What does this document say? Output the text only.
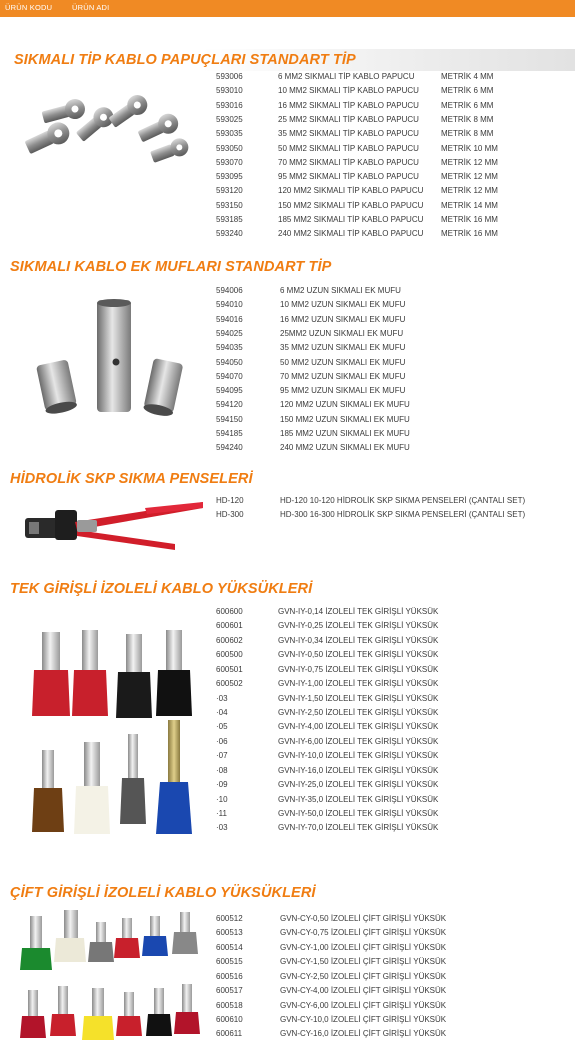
ÜRÜN KODU	ÜRÜN ADI
SIKMALI TİP KABLO PAPUÇLARI STANDART TİP
593006	6 MM2 SIKMALI TİP KABLO PAPUCU	METRİK 4 MM
593010	10 MM2 SIKMALI TİP KABLO PAPUCU	METRİK 6 MM
593016	16 MM2 SIKMALI TİP KABLO PAPUCU	METRİK 6 MM
593025	25 MM2 SIKMALI TİP KABLO PAPUCU	METRİK 8 MM
593035	35 MM2 SIKMALI TİP KABLO PAPUCU	METRİK 8 MM
593050	50 MM2 SIKMALI TİP KABLO PAPUCU	METRİK 10 MM
593070	70 MM2 SIKMALI TİP KABLO PAPUCU	METRİK 12 MM
593095	95 MM2 SIKMALI TİP KABLO PAPUCU	METRİK 12 MM
593120	120 MM2 SIKMALI TİP KABLO PAPUCU METRİK 12 MM
593150	150 MM2 SIKMALI TİP KABLO PAPUCU METRİK 14 MM
593185	185 MM2 SIKMALI TİP KABLO PAPUCU METRİK 16 MM
593240	240 MM2 SIKMALI TİP KABLO PAPUCU METRİK 16 MM
SIKMALI KABLO EK MUFLARI STANDART TİP
594006	6 MM2 UZUN SIKMALI EK MUFU
594010	10 MM2 UZUN SIKMALI EK MUFU
594016	16 MM2 UZUN SIKMALI EK MUFU
594025	25MM2 UZUN SIKMALI EK MUFU
594035	35 MM2 UZUN SIKMALI EK MUFU
594050	50 MM2 UZUN SIKMALI EK MUFU
594070	70 MM2 UZUN SIKMALI EK MUFU
594095	95 MM2 UZUN SIKMALI EK MUFU
594120	120 MM2 UZUN SIKMALI EK MUFU
594150	150 MM2 UZUN SIKMALI EK MUFU
594185	185 MM2 UZUN SIKMALI EK MUFU
594240	240 MM2 UZUN SIKMALI EK MUFU
HİDROLİK SKP SIKMA PENSELERİ
HD-120	HD-120 10-120 HİDROLİK SKP SIKMA PENSELERİ (ÇANTALI SET)
HD-300	HD-300 16-300 HİDROLİK SKP SIKMA PENSELERİ (ÇANTALI SET)
TEK GİRİŞLİ İZOLELİ KABLO YÜKSÜKLERİ
600600	GVN-IY-0,14 İZOLELİ TEK GİRİŞLİ YÜKSÜK
600601	GVN-IY-0,25 İZOLELİ TEK GİRİŞLİ YÜKSÜK
600602	GVN-IY-0,34 İZOLELİ TEK GİRİŞLİ YÜKSÜK
600500	GVN-IY-0,50 İZOLELİ TEK GİRİŞLİ YÜKSÜK
600501	GVN-IY-0,75 İZOLELİ TEK GİRİŞLİ YÜKSÜK
600502	GVN-IY-1,00 İZOLELİ TEK GİRİŞLİ YÜKSÜK
·03	GVN-IY-1,50 İZOLELİ TEK GİRİŞLİ YÜKSÜK
·04	GVN-IY-2,50 İZOLELİ TEK GİRİŞLİ YÜKSÜK
·05	GVN-IY-4,00 İZOLELİ TEK GİRİŞLİ YÜKSÜK
·06	GVN-IY-6,00 İZOLELİ TEK GİRİŞLİ YÜKSÜK
·07	GVN-IY-10,0 İZOLELİ TEK GİRİŞLİ YÜKSÜK
·08	GVN-IY-16,0 İZOLELİ TEK GİRİŞLİ YÜKSÜK
·09	GVN-IY-25,0 İZOLELİ TEK GİRİŞLİ YÜKSÜK
·10	GVN-IY-35,0 İZOLELİ TEK GİRİŞLİ YÜKSÜK
·11	GVN-IY-50,0 İZOLELİ TEK GİRİŞLİ YÜKSÜK
·03	GVN-IY-70,0 İZOLELİ TEK GİRİŞLİ YÜKSÜK
ÇİFT GİRİŞLİ İZOLELİ KABLO YÜKSÜKLERİ
600512	GVN-CY-0,50 İZOLELİ ÇİFT GİRİŞLİ YÜKSÜK
600513	GVN-CY-0,75 İZOLELİ ÇİFT GİRİŞLİ YÜKSÜK
600514	GVN-CY-1,00 İZOLELİ ÇİFT GİRİŞLİ YÜKSÜK
600515	GVN-CY-1,50 İZOLELİ ÇİFT GİRİŞLİ YÜKSÜK
600516	GVN-CY-2,50 İZOLELİ ÇİFT GİRİŞLİ YÜKSÜK
600517	GVN-CY-4,00 İZOLELİ ÇİFT GİRİŞLİ YÜKSÜK
600518	GVN-CY-6,00 İZOLELİ ÇİFT GİRİŞLİ YÜKSÜK
600610	GVN-CY-10,0 İZOLELİ ÇİFT GİRİŞLİ YÜKSÜK
600611	GVN-CY-16,0 İZOLELİ ÇİFT GİRİŞLİ YÜKSÜK
